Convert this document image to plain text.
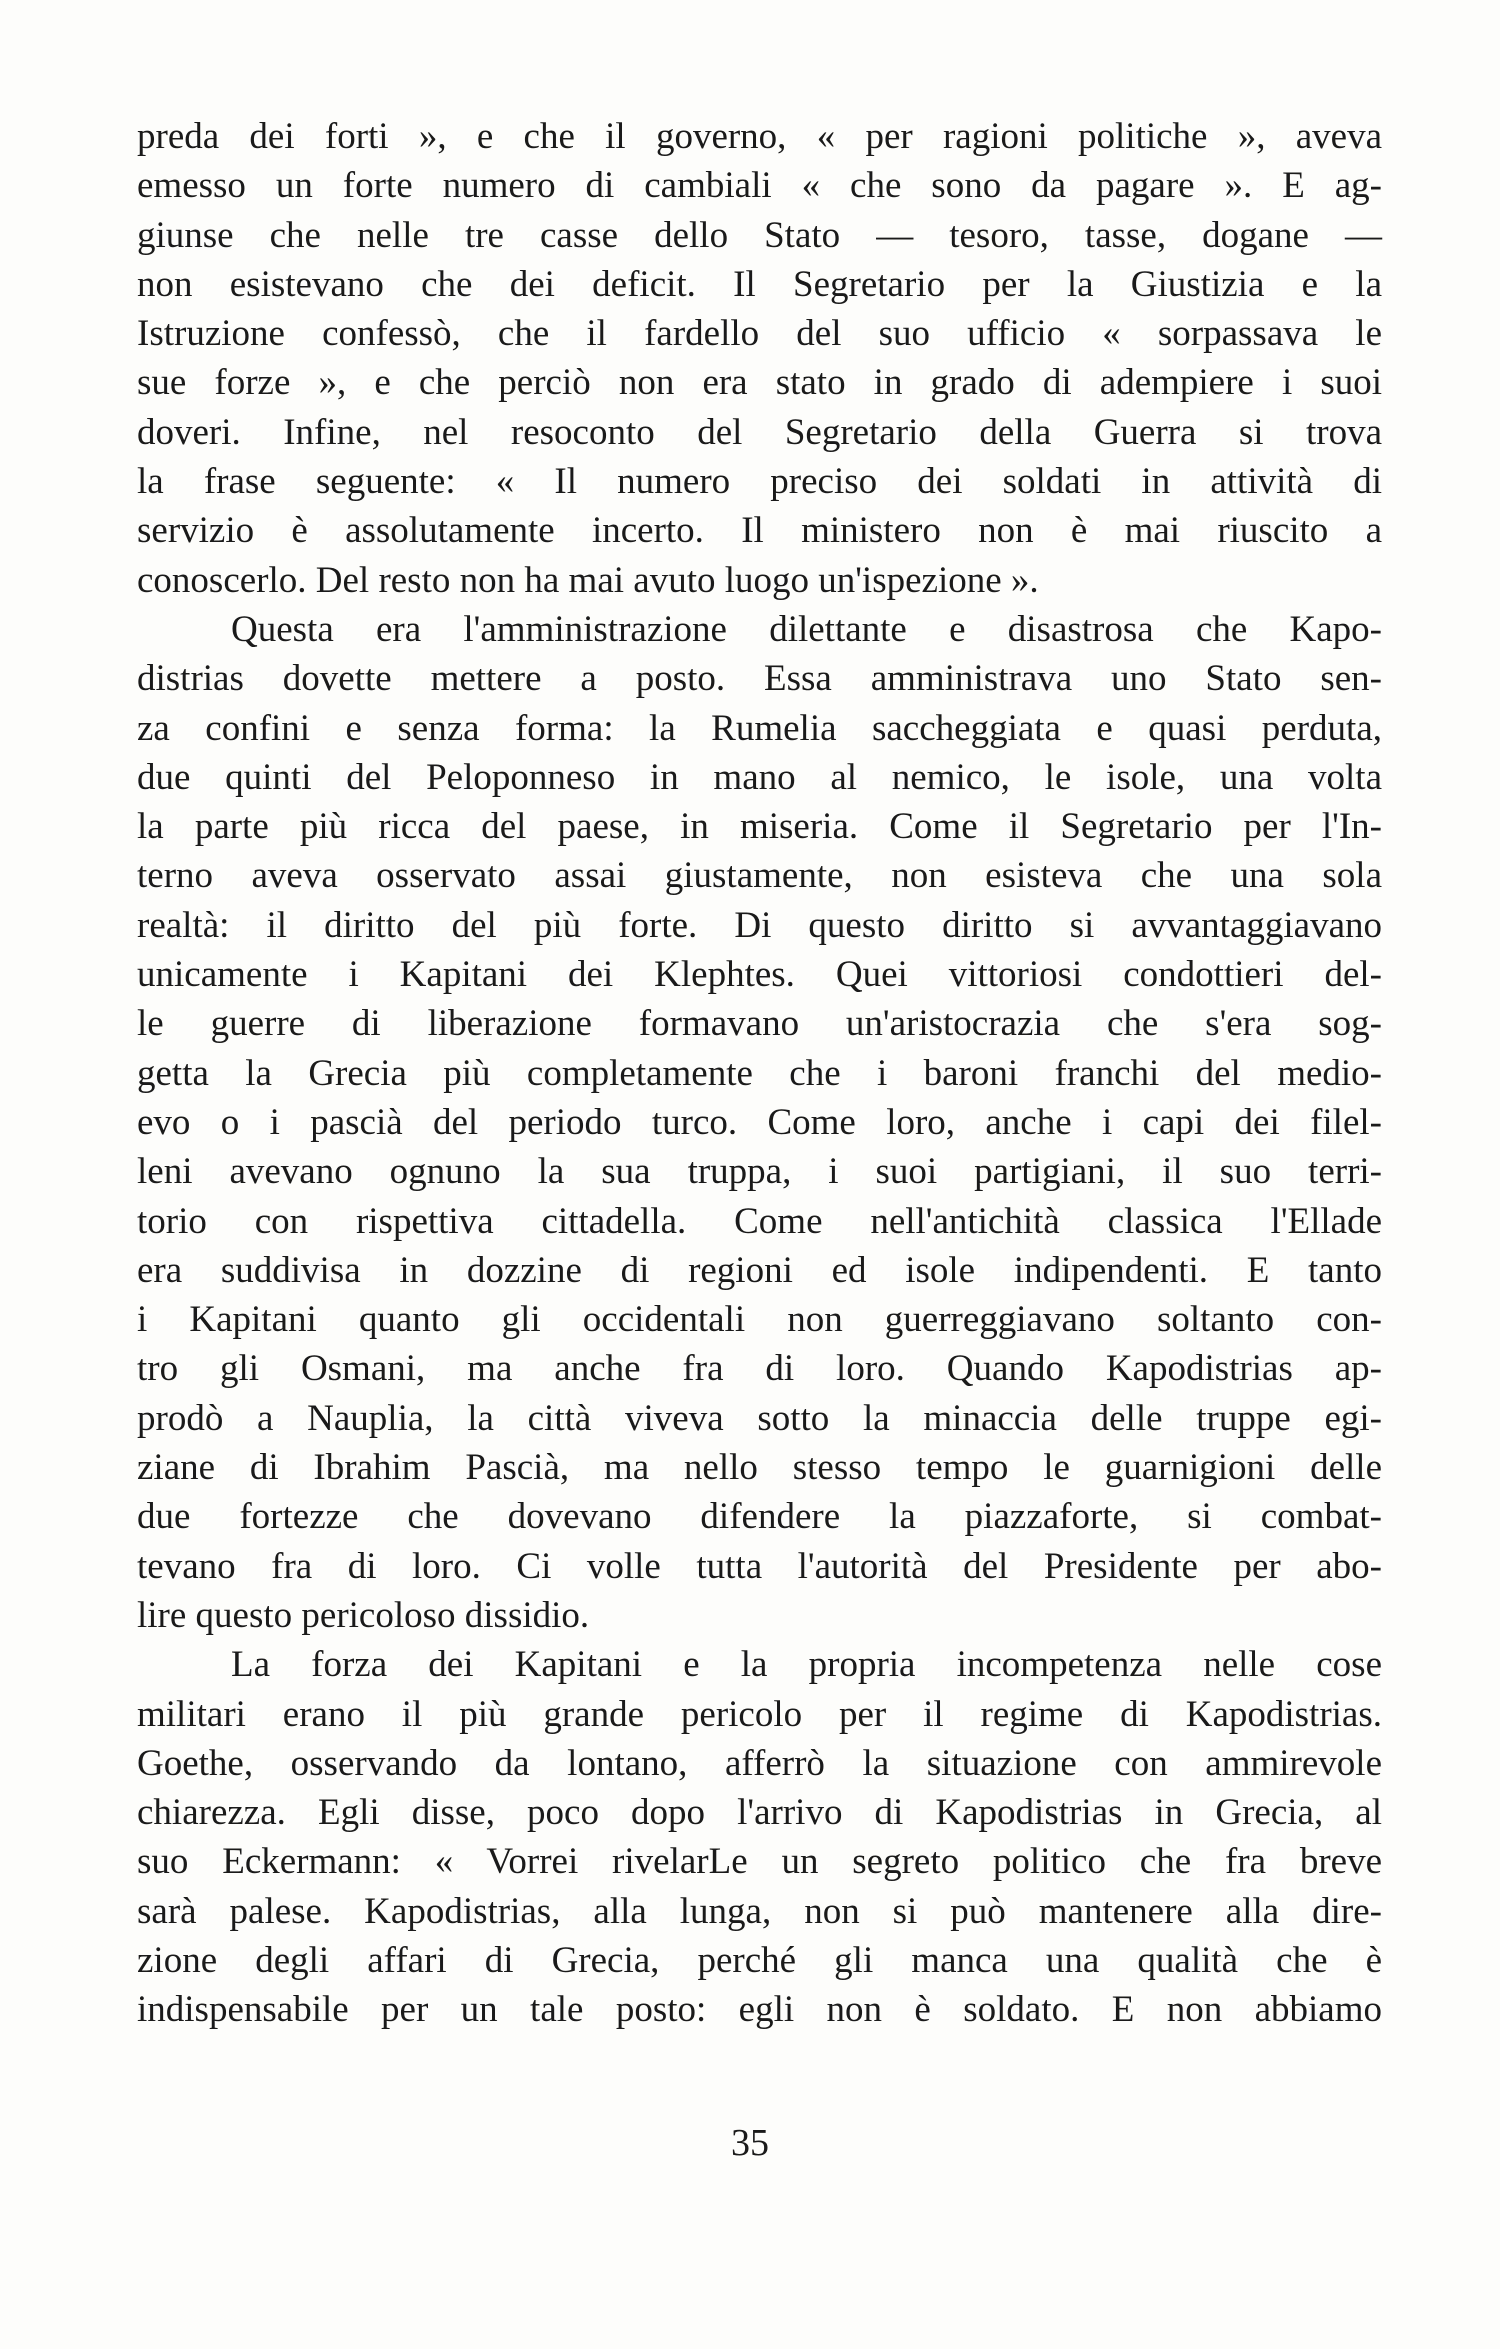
preda dei forti », e che il governo, « per ragioni politiche », aveva
emesso un forte numero di cambiali « che sono da pagare ». E ag-
giunse che nelle tre casse dello Stato — tesoro, tasse, dogane —
non esistevano che dei deficit. Il Segretario per la Giustizia e la
Istruzione confessò, che il fardello del suo ufficio « sorpassava le
sue forze », e che perciò non era stato in grado di adempiere i suoi
doveri. Infine, nel resoconto del Segretario della Guerra si trova
la frase seguente: « Il numero preciso dei soldati in attività di
servizio è assolutamente incerto. Il ministero non è mai riuscito a
conoscerlo. Del resto non ha mai avuto luogo un'ispezione ».
Questa era l'amministrazione dilettante e disastrosa che Kapo-
distrias dovette mettere a posto. Essa amministrava uno Stato sen-
za confini e senza forma: la Rumelia saccheggiata e quasi perduta,
due quinti del Peloponneso in mano al nemico, le isole, una volta
la parte più ricca del paese, in miseria. Come il Segretario per l'In-
terno aveva osservato assai giustamente, non esisteva che una sola
realtà: il diritto del più forte. Di questo diritto si avvantaggiavano
unicamente i Kapitani dei Klephtes. Quei vittoriosi condottieri del-
le guerre di liberazione formavano un'aristocrazia che s'era sog-
getta la Grecia più completamente che i baroni franchi del medio-
evo o i pascià del periodo turco. Come loro, anche i capi dei filel-
leni avevano ognuno la sua truppa, i suoi partigiani, il suo terri-
torio con rispettiva cittadella. Come nell'antichità classica l'Ellade
era suddivisa in dozzine di regioni ed isole indipendenti. E tanto
i Kapitani quanto gli occidentali non guerreggiavano soltanto con-
tro gli Osmani, ma anche fra di loro. Quando Kapodistrias ap-
prodò a Nauplia, la città viveva sotto la minaccia delle truppe egi-
ziane di Ibrahim Pascià, ma nello stesso tempo le guarnigioni delle
due fortezze che dovevano difendere la piazzaforte, si combat-
tevano fra di loro. Ci volle tutta l'autorità del Presidente per abo-
lire questo pericoloso dissidio.
La forza dei Kapitani e la propria incompetenza nelle cose
militari erano il più grande pericolo per il regime di Kapodistrias.
Goethe, osservando da lontano, afferrò la situazione con ammirevole
chiarezza. Egli disse, poco dopo l'arrivo di Kapodistrias in Grecia, al
suo Eckermann: « Vorrei rivelarLe un segreto politico che fra breve
sarà palese. Kapodistrias, alla lunga, non si può mantenere alla dire-
zione degli affari di Grecia, perché gli manca una qualità che è
indispensabile per un tale posto: egli non è soldato. E non abbiamo
35
